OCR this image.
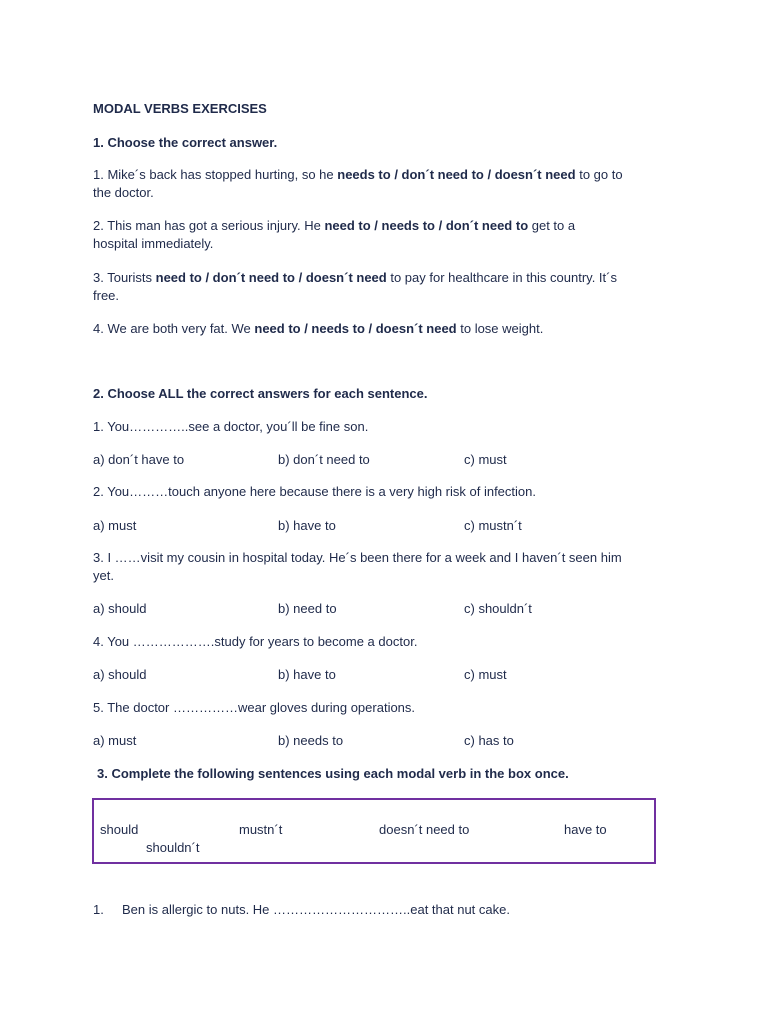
MODAL VERBS EXERCISES
1. Choose the correct answer.
1. Mike´s back has stopped hurting, so he needs to / don´t need to / doesn´t need to go to
the doctor.
2. This man has got a serious injury. He need to / needs to / don´t need to get to a
hospital immediately.
3. Tourists need to / don´t need to / doesn´t need to pay for healthcare in this country. It´s
free.
4. We are both very fat. We need to / needs to / doesn´t need to lose weight.
2. Choose ALL the correct answers for each sentence.
1. You…………..see a doctor, you´ll be fine son.
a) don´t have to	b) don´t need to	c) must
2. You………touch anyone here because there is a very high risk of infection.
a) must	b) have to	c) mustn´t
3. I ……visit my cousin in hospital today. He´s been there for a week and I haven´t seen him
yet.
a) should	b) need to	c) shouldn´t
4. You ……………….study for years to become a doctor.
a) should	b) have to	c) must
5. The doctor ……………wear gloves during operations.
a) must	b) needs to	c) has to
3. Complete the following sentences using each modal verb in the box once.
should	mustn´t	doesn´t need to	have to
shouldn´t
1. Ben is allergic to nuts. He …………………………..eat that nut cake.
